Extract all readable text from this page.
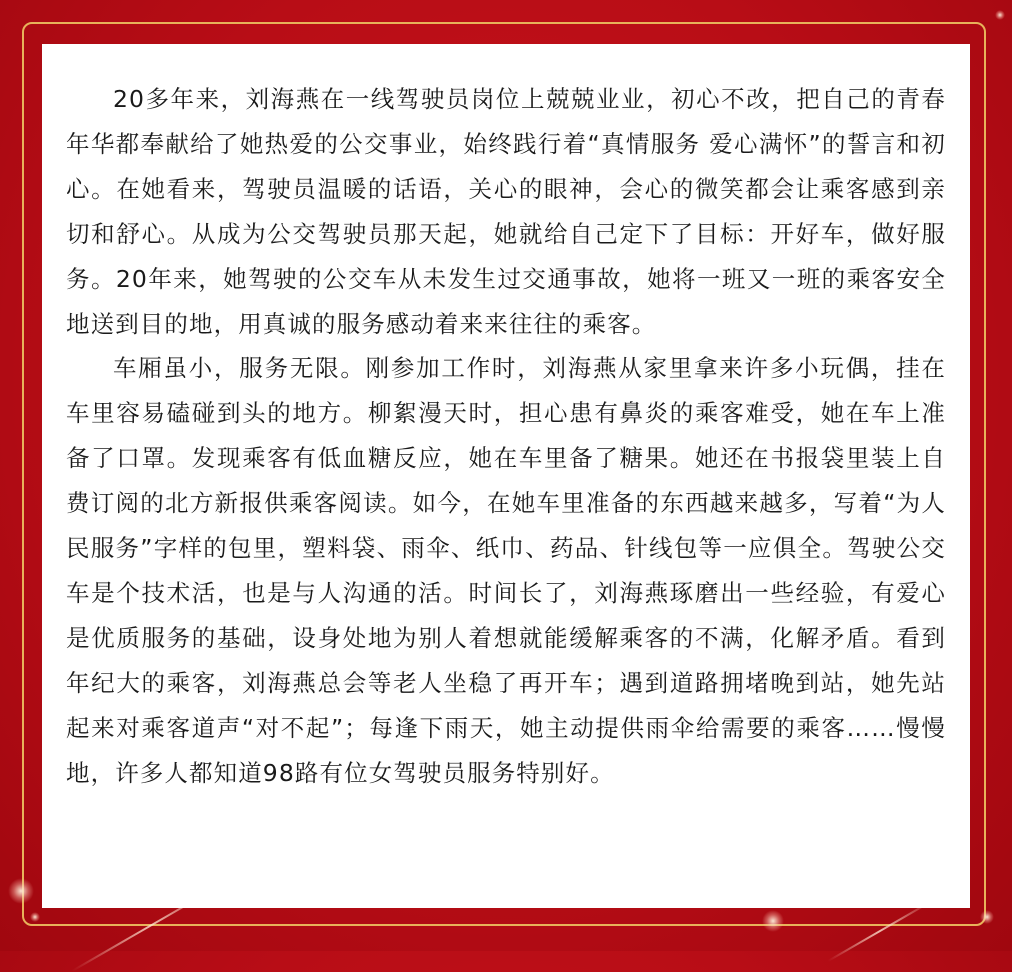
20多年来，刘海燕在一线驾驶员岗位上兢兢业业，初心不改，把自己的青春年华都奉献给了她热爱的公交事业，始终践行着“真情服务 爱心满怀”的誓言和初心。在她看来，驾驶员温暖的话语，关心的眼神，会心的微笑都会让乘客感到亲切和舒心。从成为公交驾驶员那天起，她就给自己定下了目标：开好车，做好服务。20年来，她驾驶的公交车从未发生过交通事故，她将一班又一班的乘客安全地送到目的地，用真诚的服务感动着来来往往的乘客。

车厢虽小，服务无限。刚参加工作时，刘海燕从家里拿来许多小玩偶，挂在车里容易磕碰到头的地方。柳絮漫天时，担心患有鼻炎的乘客难受，她在车上准备了口罩。发现乘客有低血糖反应，她在车里备了糖果。她还在书报袋里装上自费订阅的北方新报供乘客阅读。如今，在她车里准备的东西越来越多，写着“为人民服务”字样的包里，塑料袋、雨伞、纸巾、药品、针线包等一应俱全。驾驶公交车是个技术活，也是与人沟通的活。时间长了，刘海燕琢磨出一些经验，有爱心是优质服务的基础，设身处地为别人着想就能缓解乘客的不满，化解矛盾。看到年纪大的乘客，刘海燕总会等老人坐稳了再开车；遇到道路拥堵晚到站，她先站起来对乘客道声“对不起”；每逢下雨天，她主动提供雨伞给需要的乘客……慢慢地，许多人都知道98路有位女驾驶员服务特别好。
